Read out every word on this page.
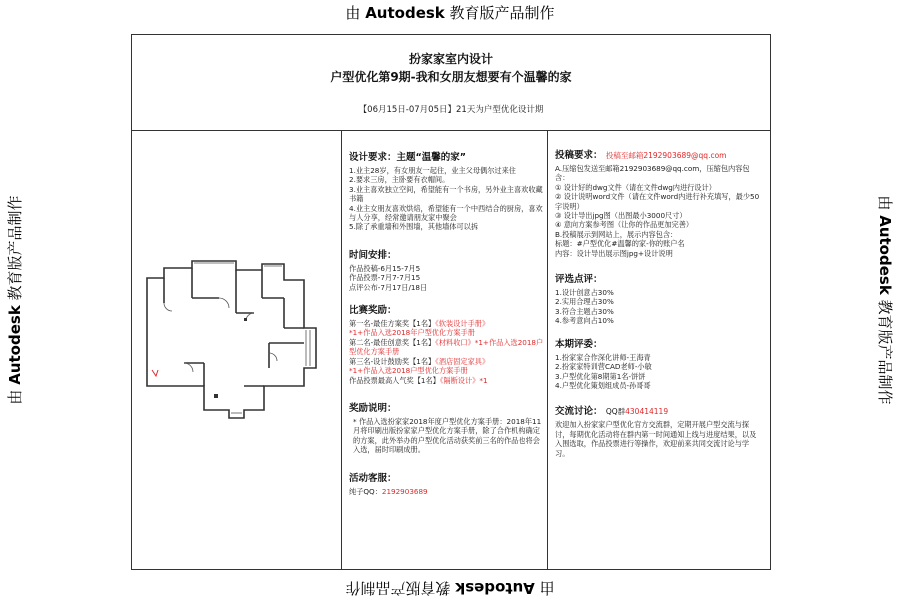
由 Autodesk 教育版产品制作
由 Autodesk 教育版产品制作
由 Autodesk 教育版产品制作	由 Autodesk 教育版产品制作
扮家家室内设计
户型优化第9期-我和女朋友想要有个温馨的家
【06月15日-07月05日】21天为户型优化设计期
设计要求：主题“温馨的家”
1.业主28岁，有女朋友一起住，业主父母偶尔过来住
2.要求三房，主卧要有衣帽间。
3.业主喜欢独立空间，希望能有一个书房，另外业主喜欢收藏书籍
4.业主女朋友喜欢烘焙，希望能有一个中西结合的厨房，喜欢与人分享，经常邀请朋友家中聚会
5.除了承重墙和外围墙，其他墙体可以拆
时间安排：
作品投稿-6月15-7月5
作品投票-7月7-7月15
点评公布-7月17日/18日
比赛奖励：
第一名-最佳方案奖【1名】《软装设计手册》
*1+作品入选2018年户型优化方案手册
第二名-最佳创意奖【1名】《材料收口》*1+作品入选2018户型优化方案手册
第三名-设计鼓励奖【1名】《酒店固定家具》
*1+作品入选2018户型优化方案手册
作品投票最高人气奖【1名】《隔断设计》*1
奖励说明：
* 作品入选扮家家2018年度户型优化方案手册：2018年11月将印刷出版扮家家户型优化方案手册，除了合作机构确定的方案，此外举办的户型优化活动获奖前三名的作品也将会入选，届时印刷成册。
活动客服：
纯子QQ：2192903689
投稿要求： 投稿至邮箱2192903689@qq.com
A.压缩包发送至邮箱2192903689@qq.com，压缩包内容包含：
① 设计好的dwg文件（请在文件dwg内进行设计）
② 设计说明word文件（请在文件word内进行补充填写，最少50字说明）
③ 设计导出jpg图（出图最小3000尺寸）
④ 意向方案参考图（让你的作品更加完善）
B.投稿展示到网站上，展示内容包含：
标题：#户型优化#温馨的家-你的账户名
内容：设计导出展示图jpg+设计说明
评选点评：
1.设计创意占30%
2.实用合理占30%
3.符合主题占30%
4.参考意向占10%
本期评委：
1.扮家家合作深化讲师-王海青
2.扮家家特训营CAD老师-小敏
3.户型优化第8期第1名-饼饼
4.户型优化策划组成员-孙哥哥
交流讨论： QQ群430414119
欢迎加入扮家家户型优化官方交流群，定期开展户型交流与探讨，每期优化活动将在群内第一时间通知上线与进度结果，以及入围选取，作品投票进行等操作，欢迎前来共同交流讨论与学习。
